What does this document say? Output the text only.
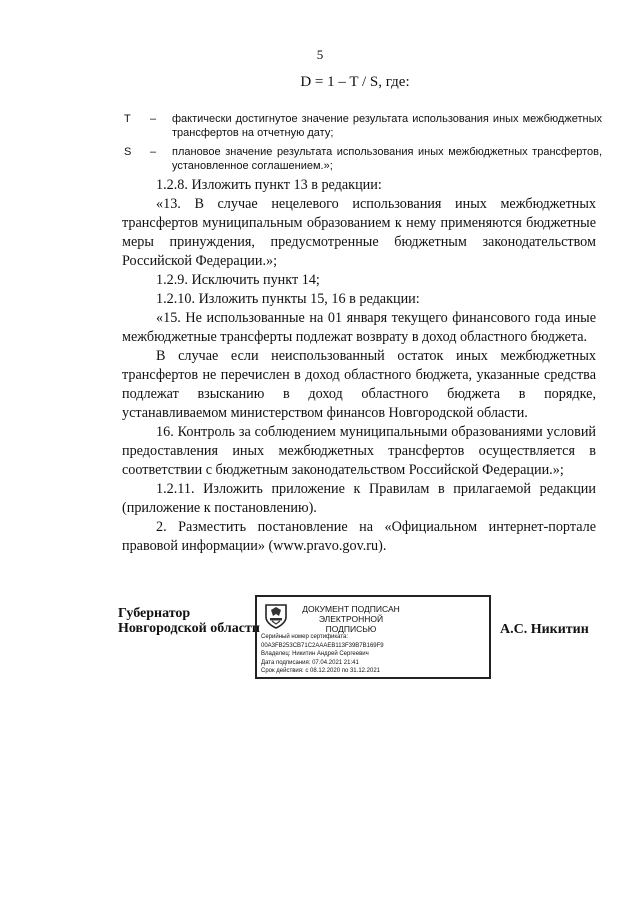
5
D = 1 – T / S, где:
T	– фактически достигнутое значение результата использования иных межбюджетных трансфертов на отчетную дату;
S	– плановое значение результата использования иных межбюджетных трансфертов, установленное соглашением.»;

1.2.8. Изложить пункт 13 в редакции:

«13. В случае нецелевого использования иных межбюджетных трансфертов муниципальным образованием к нему применяются бюджетные меры принуждения, предусмотренные бюджетным законодательством Российской Федерации.»;

1.2.9. Исключить пункт 14;

1.2.10. Изложить пункты 15, 16 в редакции:

«15. Не использованные на 01 января текущего финансового года иные межбюджетные трансферты подлежат возврату в доход областного бюджета.

В случае если неиспользованный остаток иных межбюджетных трансфертов не перечислен в доход областного бюджета, указанные средства подлежат взысканию в доход областного бюджета в порядке, устанавливаемом министерством финансов Новгородской области.

16. Контроль за соблюдением муниципальными образованиями условий предоставления иных межбюджетных трансфертов осуществляется в соответствии с бюджетным законодательством Российской Федерации.»;

1.2.11. Изложить приложение к Правилам в прилагаемой редакции (приложение к постановлению).

2. Разместить постановление на «Официальном интернет-портале правовой информации» (www.pravo.gov.ru).

Губернатор
Новгородской области
ДОКУМЕНТ ПОДПИСАН
ЭЛЕКТРОННОЙ ПОДПИСЬЮ
Серийный номер сертификата:
00A3FB253CB71C2AAAEB113F39B7B169F9
Владелец: Никитин Андрей Сергеевич
Дата подписания: 07.04.2021 21:41
Срок действия: с 08.12.2020 по 31.12.2021
А.С. Никитин
